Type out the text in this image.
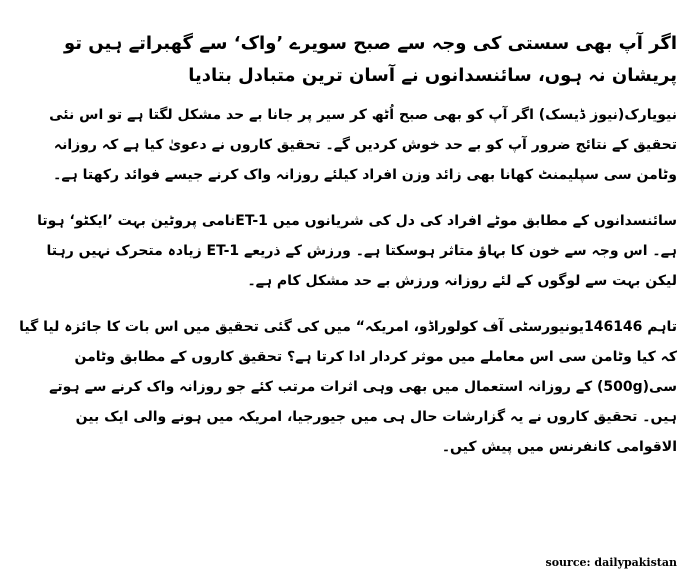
اگر آپ بھی سستی کی وجہ سے صبح سویرے ’واک‘ سے گھبراتے ہیں تو پریشان نہ ہوں، سائنسدانوں نے آسان ترین متبادل بتادیا

نیویارک(نیوز ڈیسک) اگر آپ کو بھی صبح اُٹھ کر سیر پر جانا بے حد مشکل لگتا ہے تو اس نئی تحقیق کے نتائج ضرور آپ کو بے حد خوش کردیں گے۔ تحقیق کاروں نے دعویٰ کیا ہے کہ روزانہ وٹامن سی سپلیمنٹ کھانا بھی زائد وزن افراد کیلئے روزانہ واک کرنے جیسے فوائد رکھتا ہے۔

سائنسدانوں کے مطابق موٹے افراد کی دل کی شریانوں میں ET-1نامی پروٹین بہت ’ایکٹو‘ ہوتا ہے۔ اس وجہ سے خون کا بہاؤ متاثر ہوسکتا ہے۔ ورزش کے ذریعے ET-1 زیادہ متحرک نہیں رہتا لیکن بہت سے لوگوں کے لئے روزانہ ورزش بے حد مشکل کام ہے۔

تاہم 146146یونیورسٹی آف کولوراڈو، امریکہ“ میں کی گئی تحقیق میں اس بات کا جائزہ لیا گیا کہ کیا وٹامن سی اس معاملے میں موثر کردار ادا کرتا ہے؟ تحقیق کاروں کے مطابق وٹامن سی(500g) کے روزانہ استعمال میں بھی وہی اثرات مرتب کئے جو روزانہ واک کرنے سے ہوتے ہیں۔ تحقیق کاروں نے یہ گزارشات حال ہی میں جیورجیا، امریکہ میں ہونے والی ایک بین الاقوامی کانفرنس میں پیش کیں۔

source: dailypakistan
